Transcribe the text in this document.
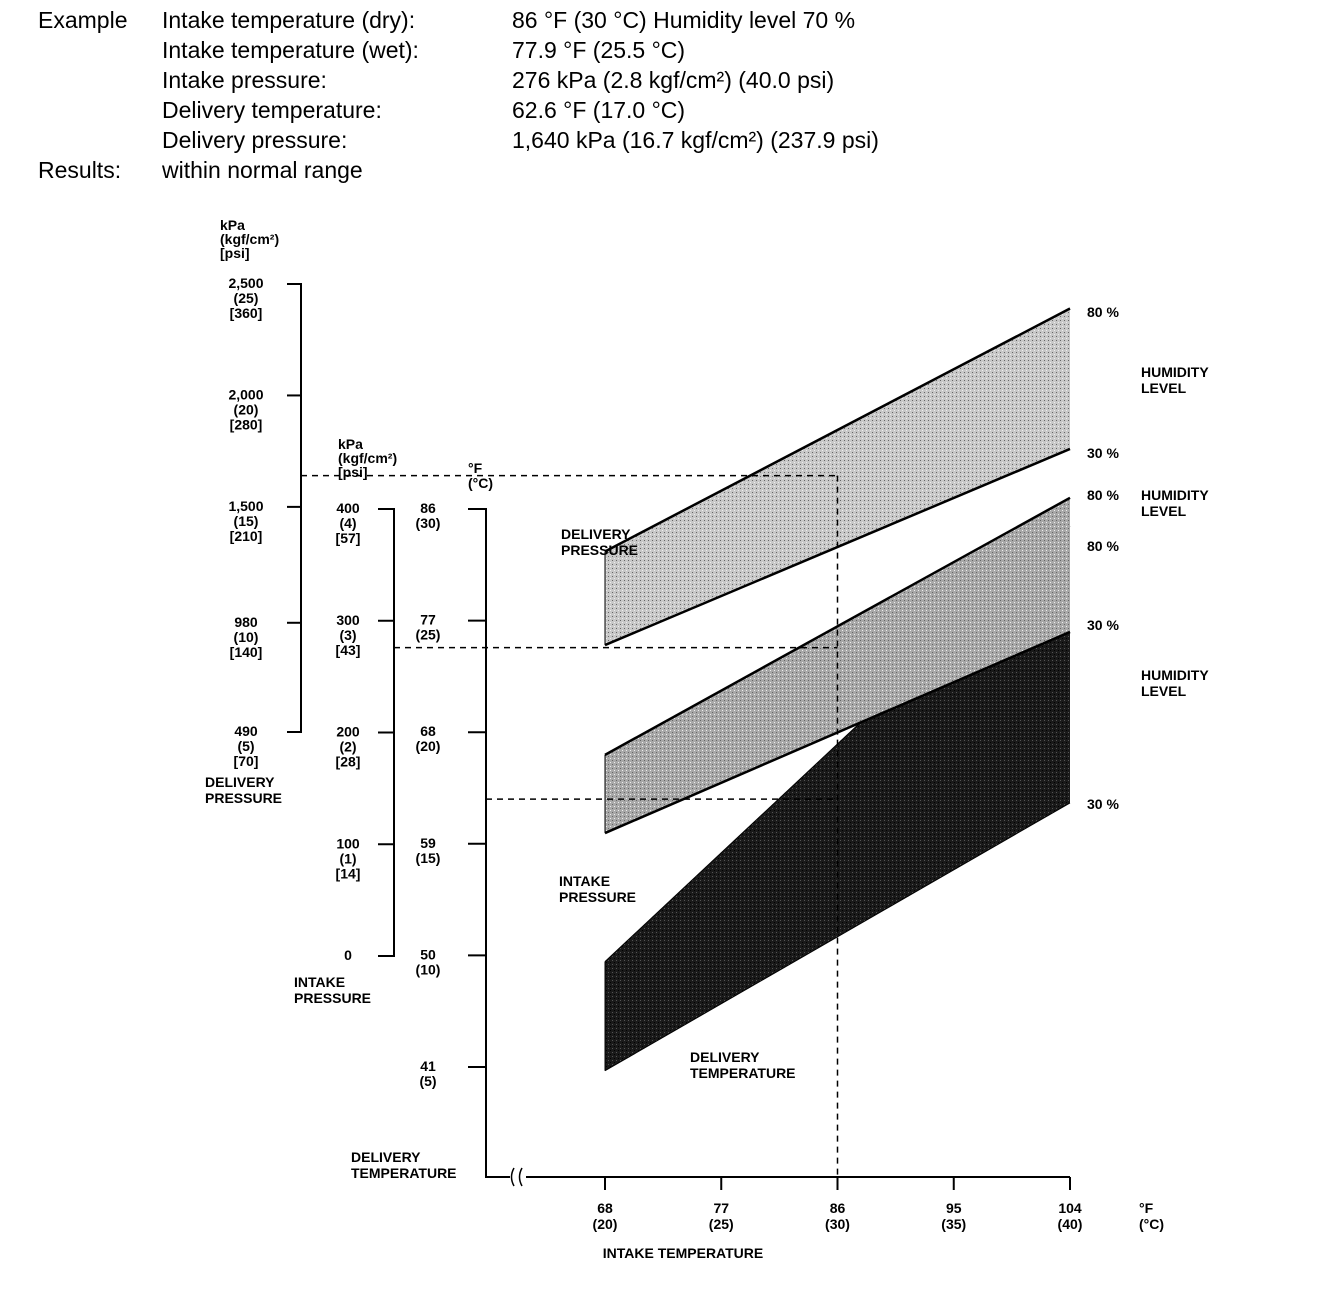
Example Intake temperature (dry):	86 °F (30 °C) Humidity level 70 %
Intake temperature (wet):	77.9 °F (25.5 °C)
Intake pressure:	276 kPa (2.8 kgf/cm²) (40.0 psi)
Delivery temperature:	62.6 °F (17.0 °C)
Delivery pressure:	1,640 kPa (16.7 kgf/cm²) (237.9 psi)
Results: within normal range
80 %
30 %
HUMIDITY
LEVEL
80 %
30 %
HUMIDITY
LEVEL
80 %
30 %
HUMIDITY
LEVEL
DELIVERY
PRESSURE
INTAKE
PRESSURE
DELIVERY
TEMPERATURE
kPa
(kgf/cm²)
[psi]
2,500
(25)
[360]
2,000
(20)
[280]
1,500
(15)
[210]
980
(10)
[140]
490
(5)
[70]
DELIVERY
PRESSURE
kPa
(kgf/cm²)
[psi]
400
(4)
[57]
300
(3)
[43]
200
(2)
[28]
100
(1)
[14]
0
INTAKE
PRESSURE
°F
(°C)
86
(30)
77
(25)
68
(20)
59
(15)
50
(10)
41
(5)
DELIVERY
TEMPERATURE
68
(20)
77
(25)
86
(30)
95
(35)
104
(40)
°F
(°C)
INTAKE TEMPERATURE
